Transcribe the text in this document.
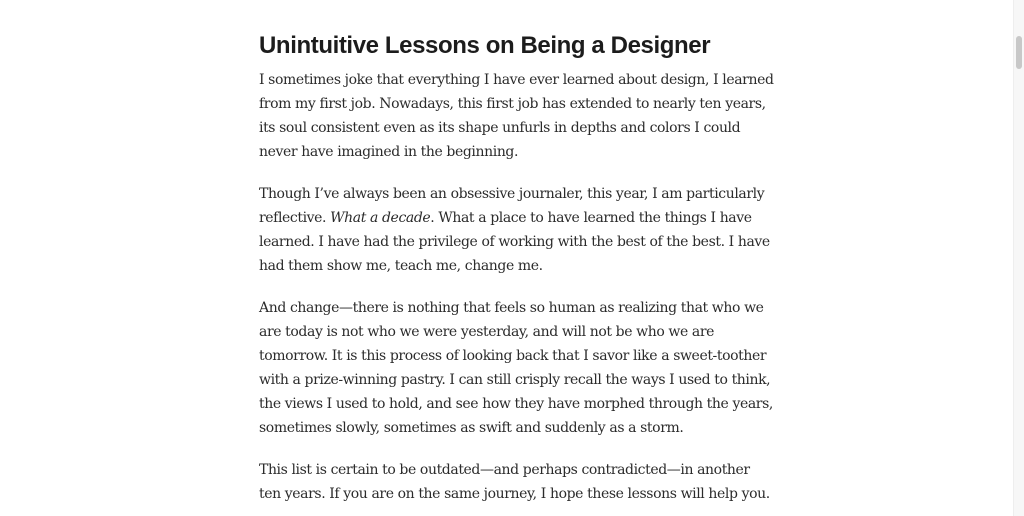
Unintuitive Lessons on Being a Designer

I sometimes joke that everything I have ever learned about design, I learned
from my first job. Nowadays, this first job has extended to nearly ten years,
its soul consistent even as its shape unfurls in depths and colors I could
never have imagined in the beginning.

Though I’ve always been an obsessive journaler, this year, I am particularly
reflective. What a decade. What a place to have learned the things I have
learned. I have had the privilege of working with the best of the best. I have
had them show me, teach me, change me.

And change—there is nothing that feels so human as realizing that who we
are today is not who we were yesterday, and will not be who we are
tomorrow. It is this process of looking back that I savor like a sweet-toother
with a prize-winning pastry. I can still crisply recall the ways I used to think,
the views I used to hold, and see how they have morphed through the years,
sometimes slowly, sometimes as swift and suddenly as a storm.

This list is certain to be outdated—and perhaps contradicted—in another
ten years. If you are on the same journey, I hope these lessons will help you.
